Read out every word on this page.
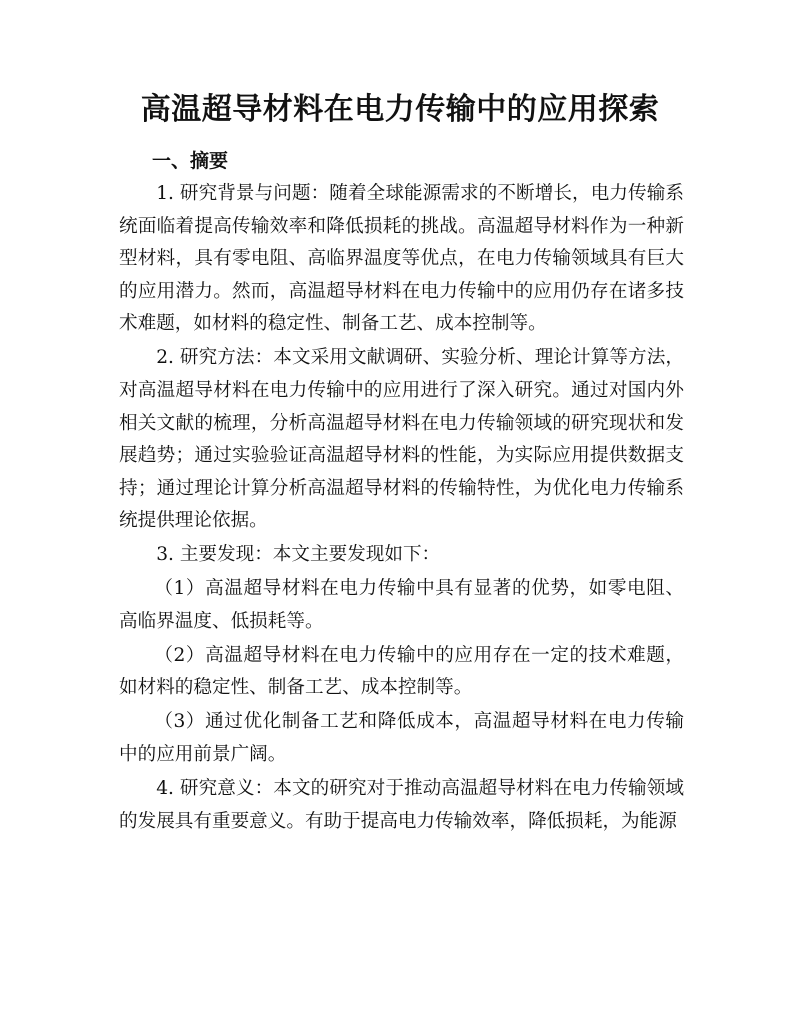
高温超导材料在电力传输中的应用探索
一、摘要

1. 研究背景与问题：随着全球能源需求的不断增长，电力传输系统面临着提高传输效率和降低损耗的挑战。高温超导材料作为一种新型材料，具有零电阻、高临界温度等优点，在电力传输领域具有巨大的应用潜力。然而，高温超导材料在电力传输中的应用仍存在诸多技术难题，如材料的稳定性、制备工艺、成本控制等。

2. 研究方法：本文采用文献调研、实验分析、理论计算等方法，对高温超导材料在电力传输中的应用进行了深入研究。通过对国内外相关文献的梳理，分析高温超导材料在电力传输领域的研究现状和发展趋势；通过实验验证高温超导材料的性能，为实际应用提供数据支持；通过理论计算分析高温超导材料的传输特性，为优化电力传输系统提供理论依据。

3. 主要发现：本文主要发现如下：

（1）高温超导材料在电力传输中具有显著的优势，如零电阻、高临界温度、低损耗等。

（2）高温超导材料在电力传输中的应用存在一定的技术难题，如材料的稳定性、制备工艺、成本控制等。

（3）通过优化制备工艺和降低成本，高温超导材料在电力传输中的应用前景广阔。

4. 研究意义：本文的研究对于推动高温超导材料在电力传输领域的发展具有重要意义。有助于提高电力传输效率，降低损耗，为能源
